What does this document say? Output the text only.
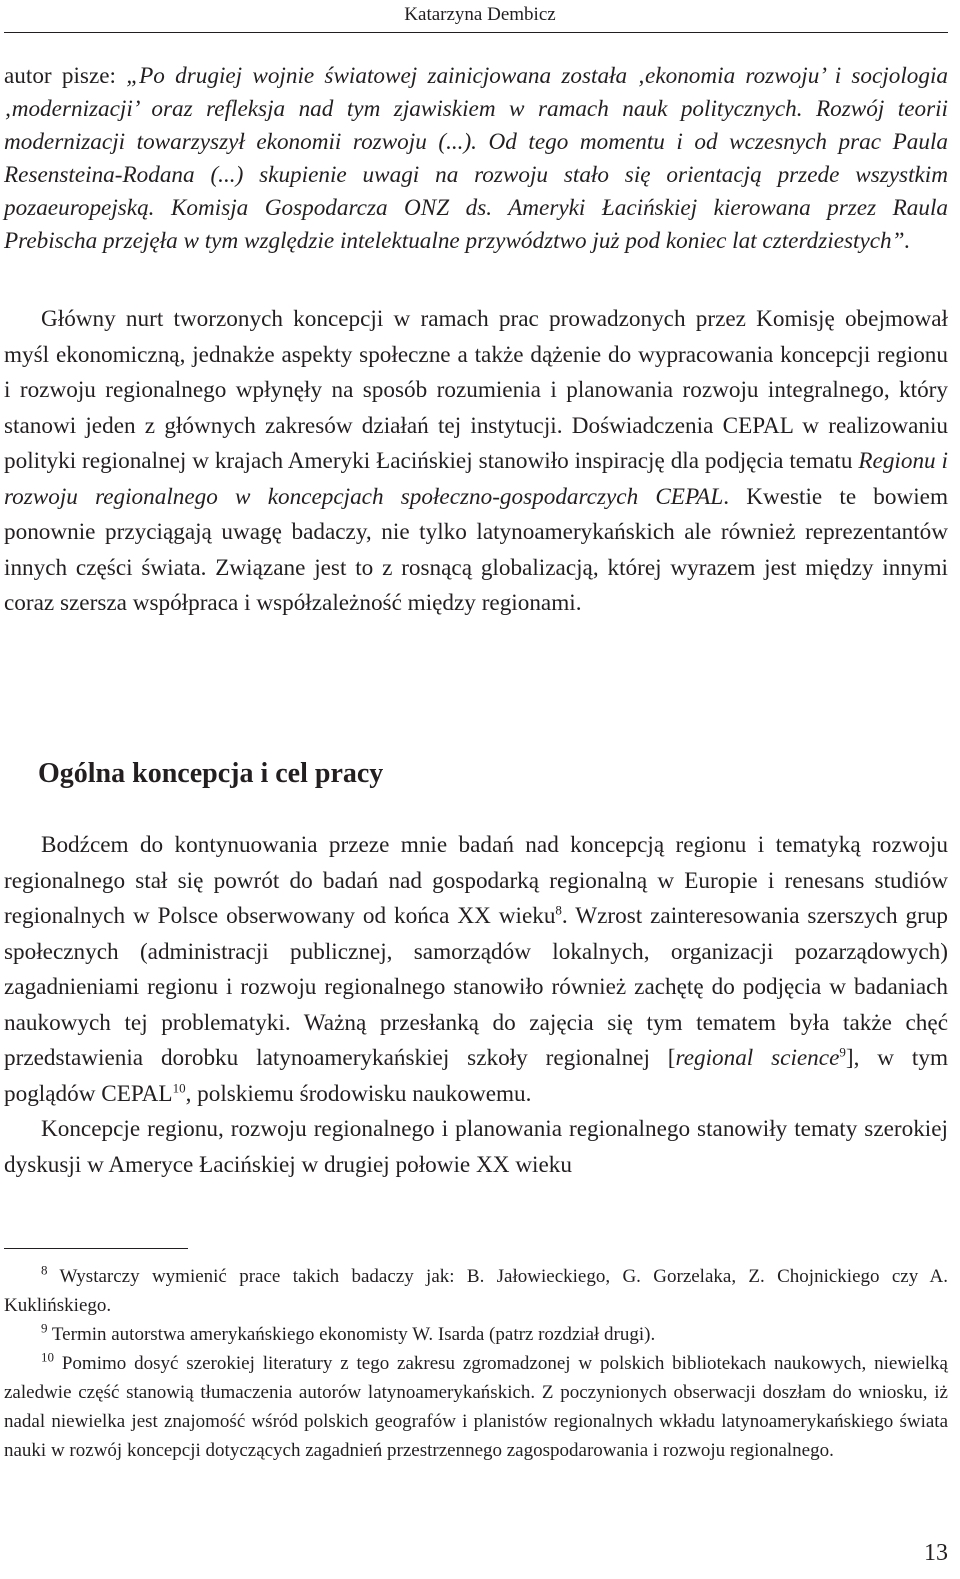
Katarzyna Dembicz
autor pisze: „Po drugiej wojnie światowej zainicjowana została ‚ekonomia rozwoju’ i socjologia ‚modernizacji’ oraz refleksja nad tym zjawiskiem w ramach nauk politycznych. Rozwój teorii modernizacji towarzyszył ekonomii rozwoju (...). Od tego momentu i od wczesnych prac Paula Resensteina-Rodana (...) skupienie uwagi na rozwoju stało się orientacją przede wszystkim pozaeuropejską. Komisja Gospodarcza ONZ ds. Ameryki Łacińskiej kierowana przez Raula Prebischa przejęła w tym względzie intelektualne przywództwo już pod koniec lat czterdziestych”.

Główny nurt tworzonych koncepcji w ramach prac prowadzonych przez Komisję obejmował myśl ekonomiczną, jednakże aspekty społeczne a także dążenie do wypracowania koncepcji regionu i rozwoju regionalnego wpłynęły na sposób rozumienia i planowania rozwoju integralnego, który stanowi jeden z głównych zakresów działań tej instytucji. Doświadczenia CEPAL w realizowaniu polityki regionalnej w krajach Ameryki Łacińskiej stanowiło inspirację dla podjęcia tematu Regionu i rozwoju regionalnego w koncepcjach społeczno-gospodarczych CEPAL. Kwestie te bowiem ponownie przyciągają uwagę badaczy, nie tylko latynoamerykańskich ale również reprezentantów innych części świata. Związane jest to z rosnącą globalizacją, której wyrazem jest między innymi coraz szersza współpraca i współzależność między regionami.

Ogólna koncepcja i cel pracy

Bodźcem do kontynuowania przeze mnie badań nad koncepcją regionu i tematyką rozwoju regionalnego stał się powrót do badań nad gospodarką regionalną w Europie i renesans studiów regionalnych w Polsce obserwowany od końca XX wieku$^8$. Wzrost zainteresowania szerszych grup społecznych (administracji publicznej, samorządów lokalnych, organizacji pozarządowych) zagadnieniami regionu i rozwoju regionalnego stanowiło również zachętę do podjęcia w badaniach naukowych tej problematyki. Ważną przesłanką do zajęcia się tym tematem była także chęć przedstawienia dorobku latynoamerykańskiej szkoły regionalnej [regional science$^9$], w tym poglądów CEPAL$^{10}$, polskiemu środowisku naukowemu.

Koncepcje regionu, rozwoju regionalnego i planowania regionalnego stanowiły tematy szerokiej dyskusji w Ameryce Łacińskiej w drugiej połowie XX wieku

$^8$ Wystarczy wymienić prace takich badaczy jak: B. Jałowieckiego, G. Gorzelaka, Z. Chojnickiego czy A. Kuklińskiego.

$^9$ Termin autorstwa amerykańskiego ekonomisty W. Isarda (patrz rozdział drugi).

$^{10}$ Pomimo dosyć szerokiej literatury z tego zakresu zgromadzonej w polskich bibliotekach naukowych, niewielką zaledwie część stanowią tłumaczenia autorów latynoamerykańskich. Z poczynionych obserwacji doszłam do wniosku, iż nadal niewielka jest znajomość wśród polskich geografów i planistów regionalnych wkładu latynoamerykańskiego świata nauki w rozwój koncepcji dotyczących zagadnień przestrzennego zagospodarowania i rozwoju regionalnego.

13
